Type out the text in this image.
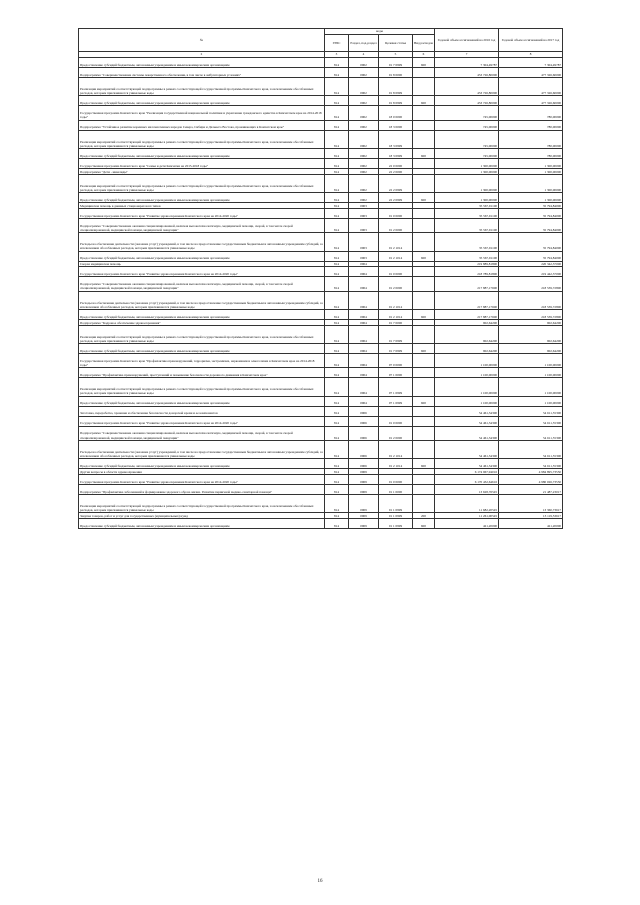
№	коды				Годовой объем ассигнований на 2016 год	Годовой объем ассигнований на 2017 год
	ГРБС	Раздел, под-раздел	Целевая статья	Вид расходов		
2	3	4	5	6	7	8
Предоставление субсидий бюджетным, автономным учреждениям и иным некоммерческим организациям	814	0902	01 7 0999	600	7 304,49787	7 304,49787
Подпрограмма "Совершенствование системы лекарственного обеспечения, в том числе в амбулаторных условиях"	814	0902	01 8 0000		453 726,80000	477 326,60000
Реализация мероприятий соответствующей подпрограммы в рамках соответствующей государственной программы Камчатского края, за исключением обособленных расходов, которым присваиваются уникальные коды	814	0902	01 8 0999		453 726,80000	477 326,60000
Предоставление субсидий бюджетным, автономным учреждениям и иным некоммерческим организациям	814	0902	01 8 0999	600	453 726,80000	477 326,60000
Государственная программа Камчатского края "Реализация государственной национальной политики и укрепление гражданского единства в Камчатском крае на 2014-2018 годы"	814	0902	18 0 0000		745,00000	780,00000
Подпрограмма "Устойчивое развитие коренных малочисленных народов Севера, Сибири и Дальнего Востока, проживающих в Камчатском крае"	814	0902	18 3 0000		745,00000	780,00000
Реализация мероприятий соответствующей подпрограммы в рамках соответствующей государственной программы Камчатского края, за исключением обособленных расходов, которым присваиваются уникальные коды	814	0902	18 3 0999		745,00000	780,00000
Предоставление субсидий бюджетным, автономным учреждениям и иным некоммерческим организациям	814	0902	18 3 0999	600	745,00000	780,00000
Государственная программа Камчатского края "Семья и дети Камчатки на 2015-2018 годы"	814	0902	22 0 0000		1 300,00000	1 300,00000
Подпрограмма "Дети - инвалиды"	814	0902	22 2 0000		1 300,00000	1 300,00000
Реализация мероприятий соответствующей подпрограммы в рамках соответствующей государственной программы Камчатского края, за исключением обособленных расходов, которым присваиваются уникальные коды	814	0902	22 2 0999		1 300,00000	1 300,00000
Предоставление субсидий бюджетным, автономным учреждениям и иным некоммерческим организациям	814	0902	22 2 0999	600	1 300,00000	1 300,00000
Медицинская помощь в дневных стационарах всех типов	814	0903			35 567,91100	35 794,84000
Государственная программа Камчатского края "Развитие здравоохранения Камчатского края на 2014-2020 годы"	814	0903	01 0 0000		35 567,91100	35 794,84000
Подпрограмма "Совершенствование оказания специализированной, включая высокотехнологичную, медицинской помощи, скорой, в том числе скорой специализированной, медицинской помощи, медицинской эвакуации"	814	0903	01 2 0000		35 567,91100	35 794,84000
Расходы на обеспечение деятельности (оказание услуг) учреждений, в том числе на предоставление государственным бюджетным и автономным учреждениям субсидий, за исключением обособленных расходов, которым присваиваются уникальные коды	814	0903	01 2 1014		35 567,91100	35 794,84000
Предоставление субсидий бюджетным, автономным учреждениям и иным некоммерческим организациям	814	0903	01 2 1014	600	35 567,91100	35 794,84000
Скорая медицинская помощь	814	0904			219 889,81800	220 342,37000
Государственная программа Камчатского края "Развитие здравоохранения Камчатского края на 2014-2020 годы"	814	0904	01 0 0000		218 789,81800	219 442,37000
Подпрограмма "Совершенствование оказания специализированной, включая высокотехнологичную, медицинской помощи, скорой, в том числе скорой специализированной, медицинской помощи, медицинской эвакуации"	814	0904	01 2 0000		217 887,17600	218 539,72800
Расходы на обеспечение деятельности (оказание услуг) учреждений, в том числе на предоставление государственным бюджетным и автономным учреждениям субсидий, за исключением обособленных расходов, которым присваиваются уникальные коды	814	0904	01 2 1014		217 887,17600	218 539,72800
Предоставление субсидий бюджетным, автономным учреждениям и иным некоммерческим организациям	814	0904	01 2 1014	600	217 887,17600	218 539,72800
Подпрограмма "Кадровое обеспечение здравоохранения"	814	0904	01 7 0000		902,64200	902,64200
Реализация мероприятий соответствующей подпрограммы в рамках соответствующей государственной программы Камчатского края, за исключением обособленных расходов, которым присваиваются уникальные коды	814	0904	01 7 0999		902,64200	902,64200
Предоставление субсидий бюджетным, автономным учреждениям и иным некоммерческим организациям	814	0904	01 7 0999	600	902,64200	902,64200
Государственная программа Камчатского края "Профилактика правонарушений, терроризма, экстремизма, наркомании и алкоголизма в Камчатском крае на 2014-2018 годы"	814	0904	07 0 0000		1 100,00000	1 100,00000
Подпрограмма "Профилактика правонарушений, преступлений и повышение безопасности дорожного движения в Камчатском крае"	814	0904	07 1 0000		1 100,00000	1 100,00000
Реализация мероприятий соответствующей подпрограммы в рамках соответствующей государственной программы Камчатского края, за исключением обособленных расходов, которым присваиваются уникальные коды	814	0904	07 1 0999		1 100,00000	1 100,00000
Предоставление субсидий бюджетным, автономным учреждениям и иным некоммерческим организациям	814	0904	07 1 0999	600	1 100,00000	1 100,00000
Заготовка, переработка, хранение и обеспечение безопасности донорской крови и ее компонентов	814	0906			54 461,34300	54 611,55300
Государственная программа Камчатского края "Развитие здравоохранения Камчатского края на 2014-2020 годы"	814	0906	01 0 0000		54 461,34300	54 611,55300
Подпрограмма "Совершенствование оказания специализированной, включая высокотехнологичную, медицинской помощи, скорой, в том числе скорой специализированной, медицинской помощи, медицинской эвакуации"	814	0906	01 2 0000		54 461,34300	54 611,55300
Расходы на обеспечение деятельности (оказание услуг) учреждений, в том числе на предоставление государственным бюджетным и автономным учреждениям субсидий, за исключением обособленных расходов, которым присваиваются уникальные коды	814	0906	01 2 1014		54 461,34300	54 611,55300
Предоставление субсидий бюджетным, автономным учреждениям и иным некоммерческим организациям	814	0906	01 2 1014	600	54 461,34300	54 611,55300
Другие вопросы в области здравоохранения	814	0909			6 174 967,94016	4 984 895,73550
Государственная программа Камчатского края "Развитие здравоохранения Камчатского края на 2014-2020 годы"	814	0909	01 0 0000		6 170 432,64616	4 980 026,73550
Подпрограмма "Профилактика заболеваний и формирование здорового образа жизни. Развитие первичной медико-санитарной помощи"	814	0909	01 1 0000		13 628,76545	21 487,23017
Реализация мероприятий соответствующей подпрограммы в рамках соответствующей государственной программы Камчатского края, за исключением обособленных расходов, которым присваиваются уникальные коды	814	0909	01 1 0999		11 682,20545	13 360,73617
Закупка товаров, работ и услуг для государственных (муниципальных) нужд	814	0909	01 1 0999	200	11 261,00545	13 119,53617
Предоставление субсидий бюджетным, автономным учреждениям и иным некоммерческим организациям	814	0909	01 1 0999	600	421,20000	421,20000
16
